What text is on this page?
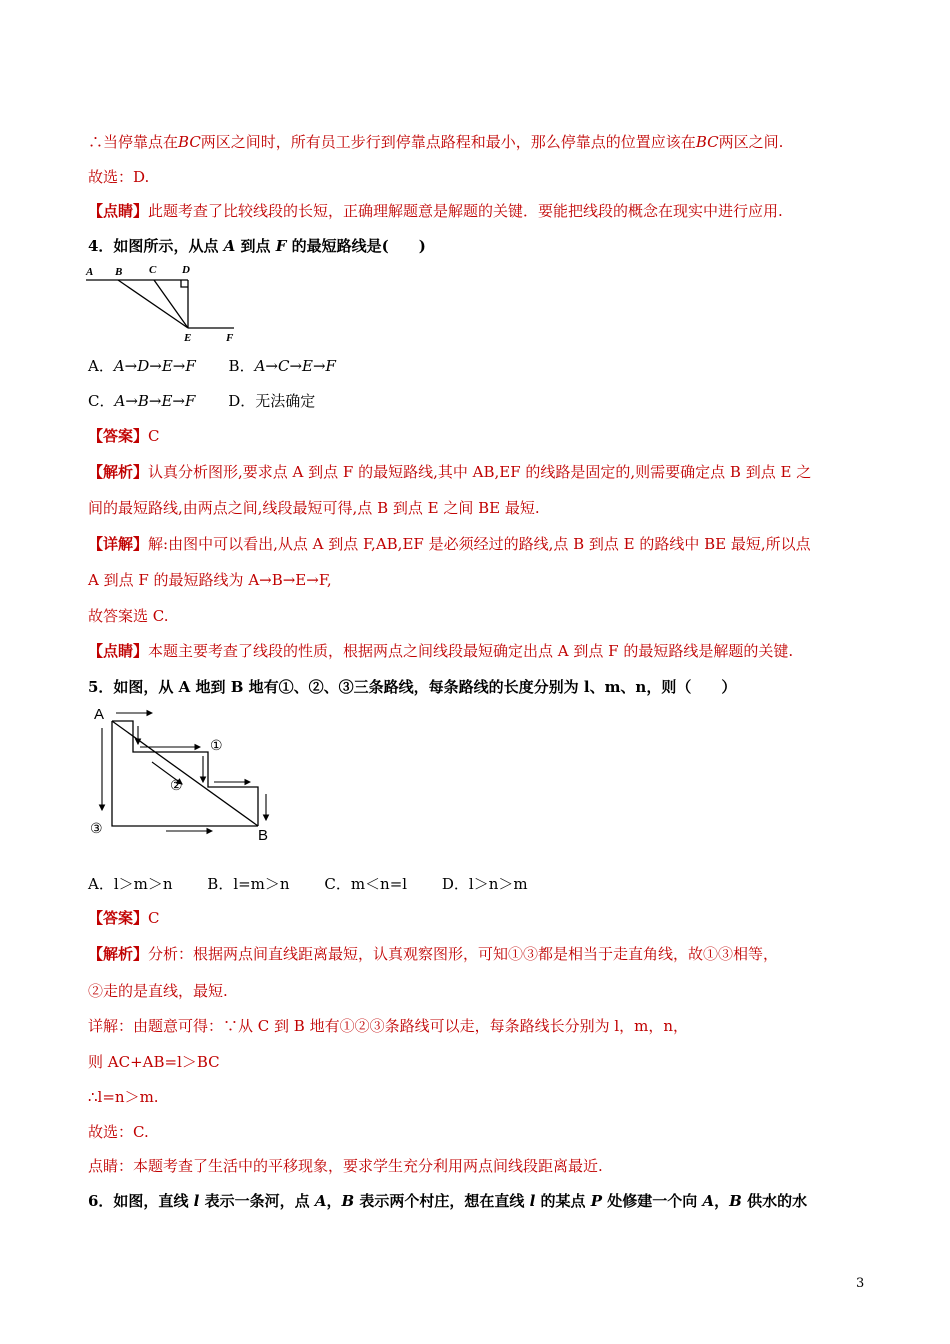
∴当停靠点在BC两区之间时，所有员工步行到停靠点路程和最小，那么停靠点的位置应该在BC两区之间.
故选：D.
【点睛】此题考查了比较线段的长短，正确理解题意是解题的关键．要能把线段的概念在现实中进行应用.
4．如图所示，从点 A 到点 F 的最短路线是(　　)
A B C D
E	F
A．A→D→E→F B．A→C→E→F
C．A→B→E→F D．无法确定
【答案】C
【解析】认真分析图形,要求点 A 到点 F 的最短路线,其中 AB,EF 的线路是固定的,则需要确定点 B 到点 E 之
间的最短路线,由两点之间,线段最短可得,点 B 到点 E 之间 BE 最短.
【详解】解:由图中可以看出,从点 A 到点 F,AB,EF 是必须经过的路线,点 B 到点 E 的路线中 BE 最短,所以点
A 到点 F 的最短路线为 A→B→E→F,
故答案选 C.
【点睛】本题主要考查了线段的性质，根据两点之间线段最短确定出点 A 到点 F 的最短路线是解题的关键.
5．如图，从 A 地到 B 地有①、②、③三条路线，每条路线的长度分别为 l、m、n，则（　　）
A
B
①
②
③
A．l＞m＞n B．l=m＞n C．m＜n=l D．l＞n＞m
【答案】C
【解析】分析：根据两点间直线距离最短，认真观察图形，可知①③都是相当于走直角线，故①③相等，
②走的是直线，最短.
详解：由题意可得：∵从 C 到 B 地有①②③条路线可以走，每条路线长分别为 l，m，n，
则 AC+AB=l＞BC
∴l=n＞m.
故选：C.
点睛：本题考查了生活中的平移现象，要求学生充分利用两点间线段距离最近.
6．如图，直线 l 表示一条河，点 A，B 表示两个村庄，想在直线 l 的某点 P 处修建一个向 A，B 供水的水
3
